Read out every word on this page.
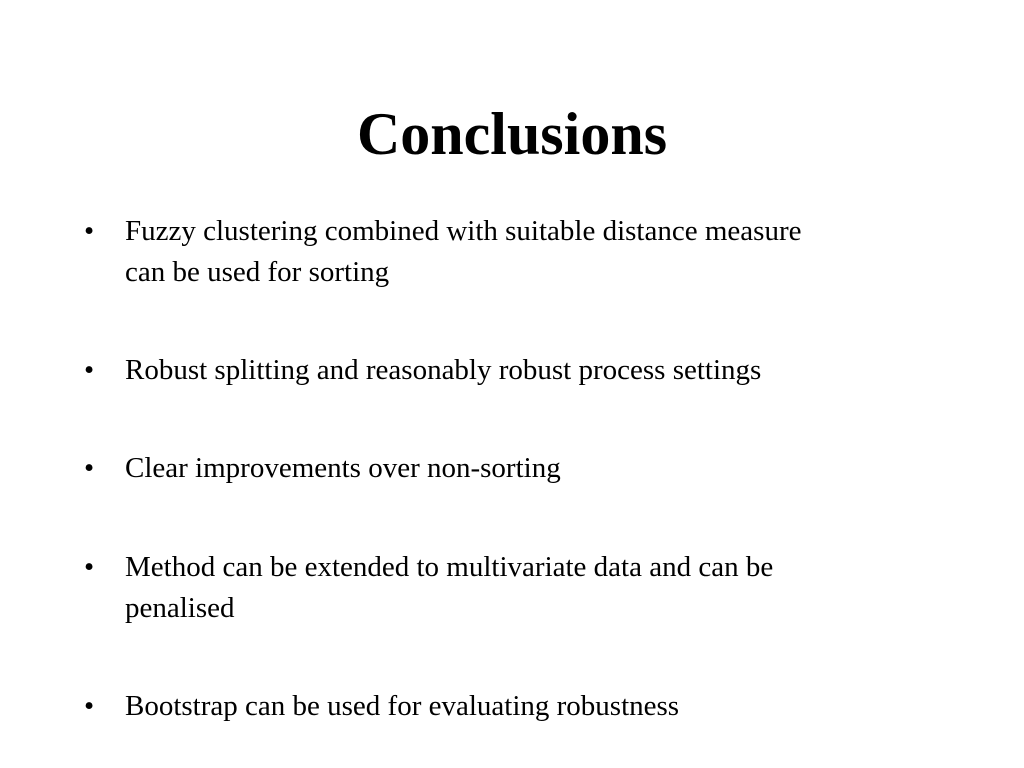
Conclusions
• Fuzzy clustering combined with suitable distance measure
can be used for sorting
• Robust splitting and reasonably robust process settings
• Clear improvements over non-sorting
• Method can be extended to multivariate data and can be
penalised
• Bootstrap can be used for evaluating robustness
